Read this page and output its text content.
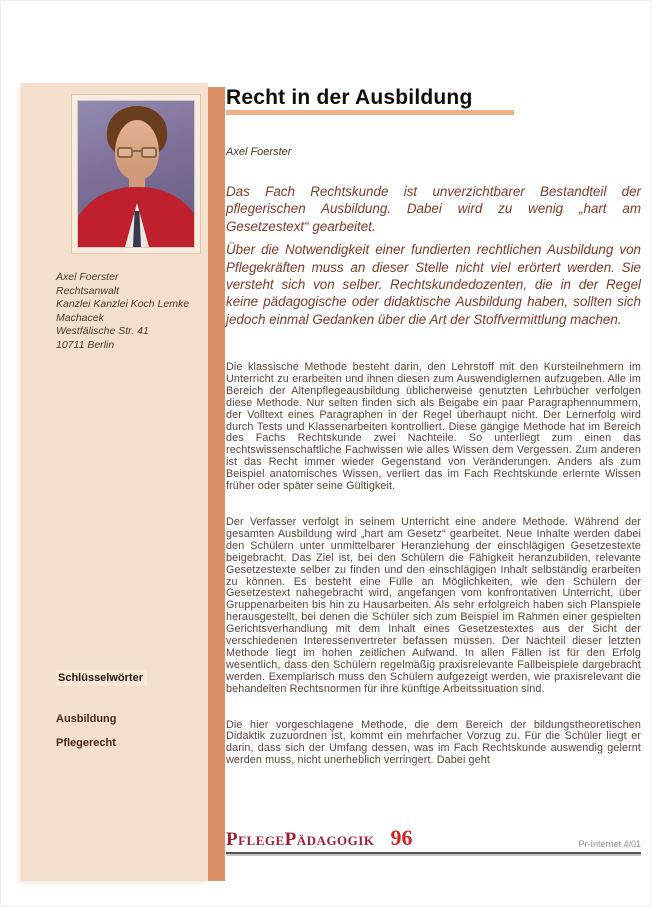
Axel Foerster
Rechtsanwalt
Kanzlei Kanzlei Koch Lemke
Machacek
Westfälische Str. 41
10711 Berlin
Schlüsselwörter
Ausbildung
Pflegerecht
Recht in der Ausbildung
Axel Foerster

Das Fach Rechtskunde ist unverzichtbarer Bestandteil der pflegerischen Ausbildung. Dabei wird zu wenig „hart am Gesetzestext“ gearbeitet.

Über die Notwendigkeit einer fundierten rechtlichen Ausbildung von Pflegekräften muss an dieser Stelle nicht viel erörtert werden. Sie versteht sich von selber. Rechtskundedozenten, die in der Regel keine pädagogische oder didaktische Ausbildung haben, sollten sich jedoch einmal Gedanken über die Art der Stoffvermittlung machen.

Die klassische Methode besteht darin, den Lehrstoff mit den Kursteilnehmern im Unterricht zu erarbeiten und ihnen diesen zum Auswendiglernen aufzugeben. Alle im Bereich der Altenpflegeausbildung üblicherweise genutzten Lehrbücher verfolgen diese Methode. Nur selten finden sich als Beigabe ein paar Paragraphennummern, der Volltext eines Paragraphen in der Regel überhaupt nicht. Der Lernerfolg wird durch Tests und Klassenarbeiten kontrolliert. Diese gängige Methode hat im Bereich des Fachs Rechtskunde zwei Nachteile. So unterliegt zum einen das rechtswissenschaftliche Fachwissen wie alles Wissen dem Vergessen. Zum anderen ist das Recht immer wieder Gegenstand von Veränderungen. Anders als zum Beispiel anatomisches Wissen, verliert das im Fach Rechtskunde erlernte Wissen früher oder später seine Gültigkeit.

Der Verfasser verfolgt in seinem Unterricht eine andere Methode. Während der gesamten Ausbildung wird „hart am Gesetz“ gearbeitet. Neue Inhalte werden dabei den Schülern unter unmittelbarer Heranziehung der einschlägigen Gesetzestexte beigebracht. Das Ziel ist, bei den Schülern die Fähigkeit heranzubilden, relevante Gesetzestexte selber zu finden und den einschlägigen Inhalt selbständig erarbeiten zu können. Es besteht eine Fülle an Möglichkeiten, wie den Schülern der Gesetzestext nahegebracht wird, angefangen vom konfrontativen Unterricht, über Gruppenarbeiten bis hin zu Hausarbeiten. Als sehr erfolgreich haben sich Planspiele herausgestellt, bei denen die Schüler sich zum Beispiel im Rahmen einer gespielten Gerichtsverhandlung mit dem Inhalt eines Gesetzestextes aus der Sicht der verschiedenen Interessenvertreter befassen müssen. Der Nachteil dieser letzten Methode liegt im hohen zeitlichen Aufwand. In allen Fällen ist für den Erfolg wesentlich, dass den Schülern regelmäßig praxisrelevante Fallbeispiele dargebracht werden. Exemplarisch muss den Schülern aufgezeigt werden, wie praxisrelevant die behandelten Rechtsnormen für ihre künftige Arbeitssituation sind.

Die hier vorgeschlagene Methode, die dem Bereich der bildungstheoretischen Didaktik zuzuordnen ist, kommt ein mehrfacher Vorzug zu. Für die Schüler liegt er darin, dass sich der Umfang dessen, was im Fach Rechtskunde auswendig gelernt werden muss, nicht unerheblich verringert. Dabei geht

PflegePädagogik 96	Pr-Internet 4/01
